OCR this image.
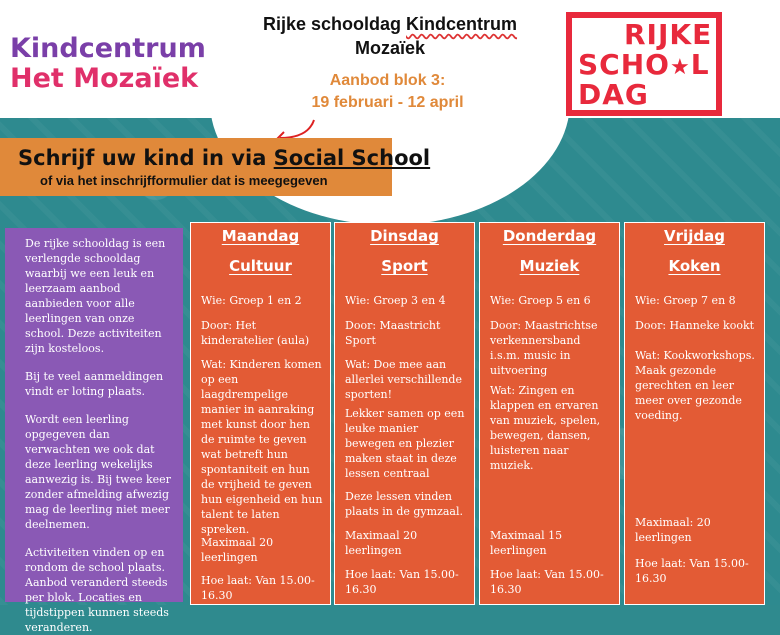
Kindcentrum
Het Mozaïek
Rijke schooldag Kindcentrum
Mozaïek
Aanbod blok 3:
19 februari - 12 april
RIJKE
SCHO★L
DAG
Schrijf uw kind in via Social School

of via het inschrijfformulier dat is meegegeven

De rijke schooldag is een verlengde schooldag waarbij we een leuk en leerzaam aanbod aanbieden voor alle leerlingen van onze school. Deze activiteiten zijn kosteloos.

Bij te veel aanmeldingen vindt er loting plaats.

Wordt een leerling opgegeven dan verwachten we ook dat deze leerling wekelijks aanwezig is. Bij twee keer zonder afmelding afwezig mag de leerling niet meer deelnemen.

Activiteiten vinden op en rondom de school plaats. Aanbod veranderd steeds per blok. Locaties en tijdstippen kunnen steeds veranderen.

Maandag
Cultuur

Wie: Groep 1 en 2

Door: Het kinderatelier (aula)

Wat: Kinderen komen op een laagdrempelige manier in aanraking met kunst door hen de ruimte te geven wat betreft hun spontaniteit en hun de vrijheid te geven hun eigenheid en hun talent te laten spreken.

Maximaal 20 leerlingen

Hoe laat: Van 15.00-16.30

Dinsdag
Sport

Wie: Groep 3 en 4

Door: Maastricht Sport

Wat: Doe mee aan allerlei verschillende sporten!

Lekker samen op een leuke manier bewegen en plezier maken staat in deze lessen centraal

Deze lessen vinden plaats in de gymzaal.

Maximaal 20 leerlingen

Hoe laat: Van 15.00-16.30

Donderdag
Muziek

Wie: Groep 5 en 6

Door: Maastrichtse verkennersband i.s.m. music in uitvoering

Wat: Zingen en klappen en ervaren van muziek, spelen, bewegen, dansen, luisteren naar muziek.

Maximaal 15 leerlingen

Hoe laat: Van 15.00-16.30

Vrijdag
Koken

Wie: Groep 7 en 8

Door: Hanneke kookt

Wat: Kookworkshops. Maak gezonde gerechten en leer meer over gezonde voeding.

Maximaal: 20 leerlingen

Hoe laat: Van 15.00-16.30
